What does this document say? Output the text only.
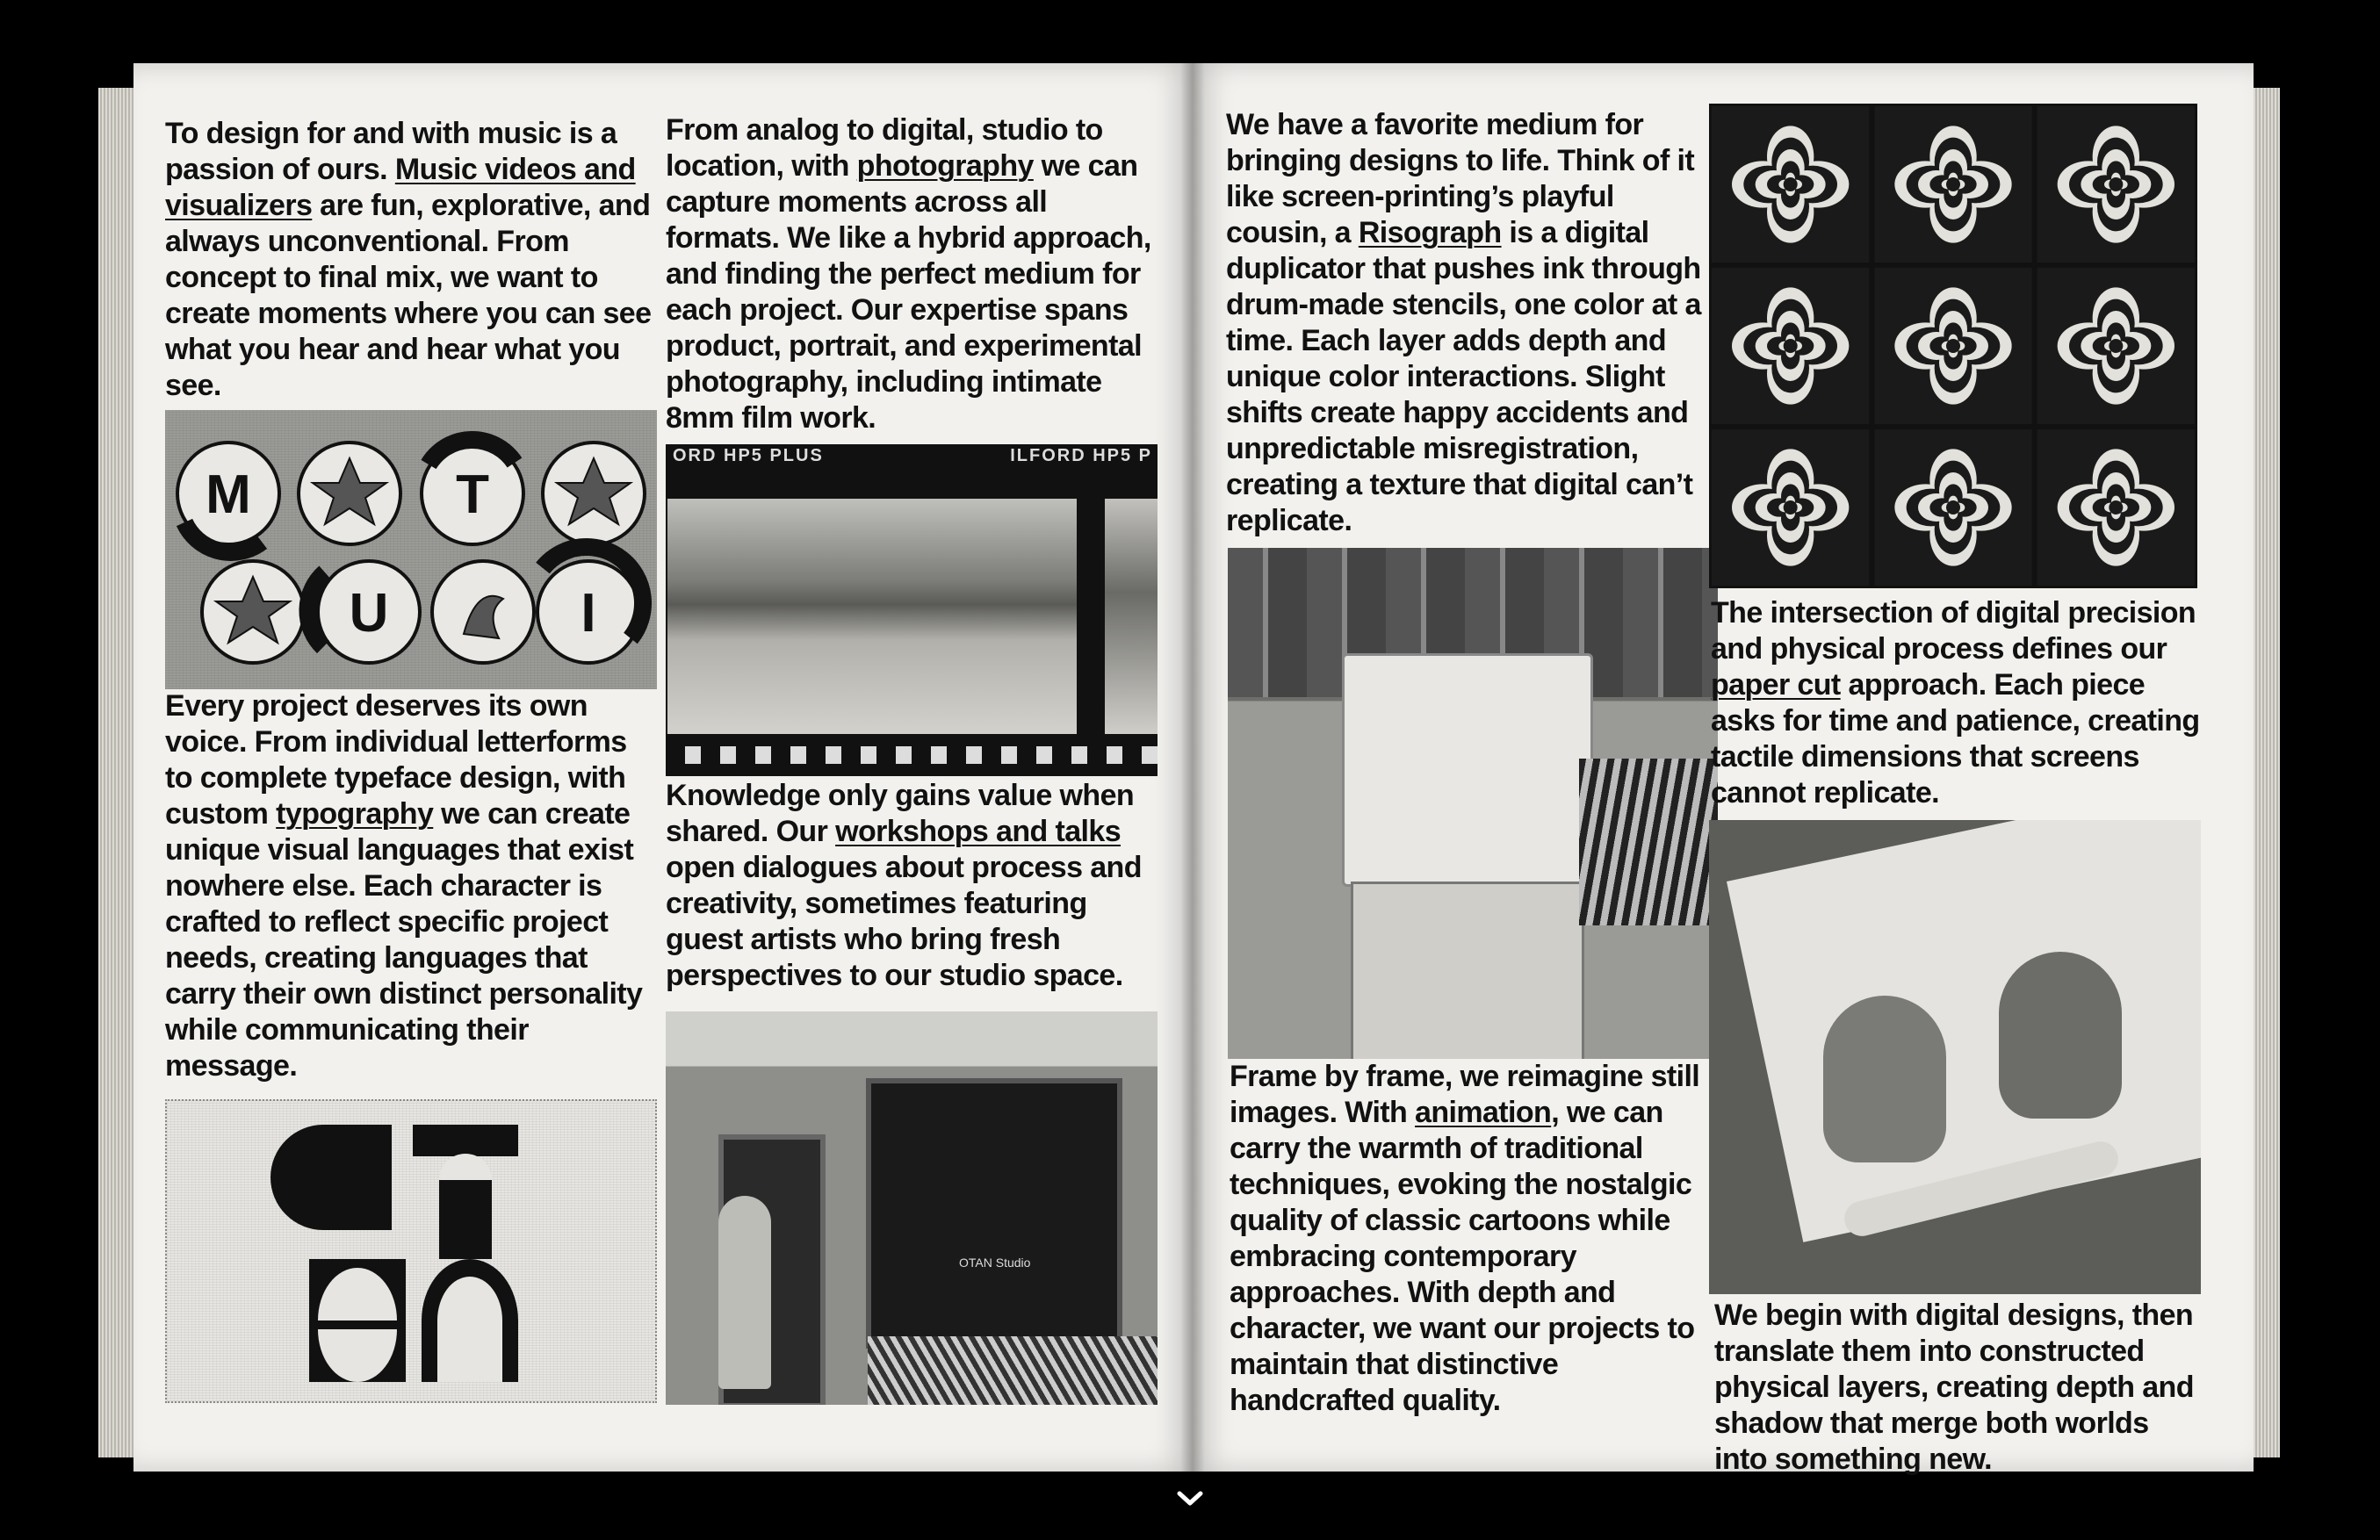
To design for and with music is a passion of ours. Music videos and visualizers are fun, explorative, and always unconventional. From concept to final mix, we want to create moments where you can see what you hear and hear what you see.

M	T
U	I

Every project deserves its own voice. From individual letterforms to complete typeface design, with custom typography we can create unique visual languages that exist nowhere else. Each character is crafted to reflect specific project needs, creating languages that carry their own distinct personality while communicating their message.

From analog to digital, studio to location, with photography we can capture moments across all formats. We like a hybrid approach, and finding the perfect medium for each project. Our expertise spans product, portrait, and experimental photography, including intimate 8mm film work.

ORD HP5 PLUS	ILFORD HP5 P

Knowledge only gains value when shared. Our workshops and talks open dialogues about process and creativity, sometimes featuring guest artists who bring fresh perspectives to our studio space.

OTAN Studio

We have a favorite medium for bringing designs to life. Think of it like screen-printing’s playful cousin, a Risograph is a digital duplicator that pushes ink through drum-made stencils, one color at a time. Each layer adds depth and unique color interactions. Slight shifts create happy accidents and unpredictable misregistration, creating a texture that digital can’t replicate.

Frame by frame, we reimagine still images. With animation, we can carry the warmth of traditional techniques, evoking the nostalgic quality of classic cartoons while embracing contemporary approaches. With depth and character, we want our projects to maintain that distinctive handcrafted quality.

The intersection of digital precision and physical process defines our paper cut approach. Each piece asks for time and patience, creating tactile dimensions that screens cannot replicate.

We begin with digital designs, then translate them into constructed physical layers, creating depth and shadow that merge both worlds into something new.
